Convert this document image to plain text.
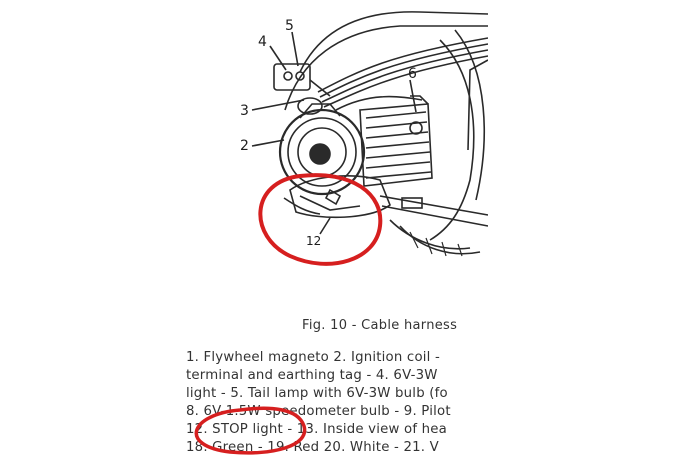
4
5
6
3
2
12
Fig. 10 - Cable harness
1. Flywheel magneto 2. Ignition coil -
terminal and earthing tag - 4. 6V-3W
light - 5. Tail lamp with 6V-3W bulb (fo
8. 6V-1.5W speedometer bulb - 9. Pilot
12. STOP light - 13. Inside view of hea
18. Green - 19. Red 20. White - 21. V
